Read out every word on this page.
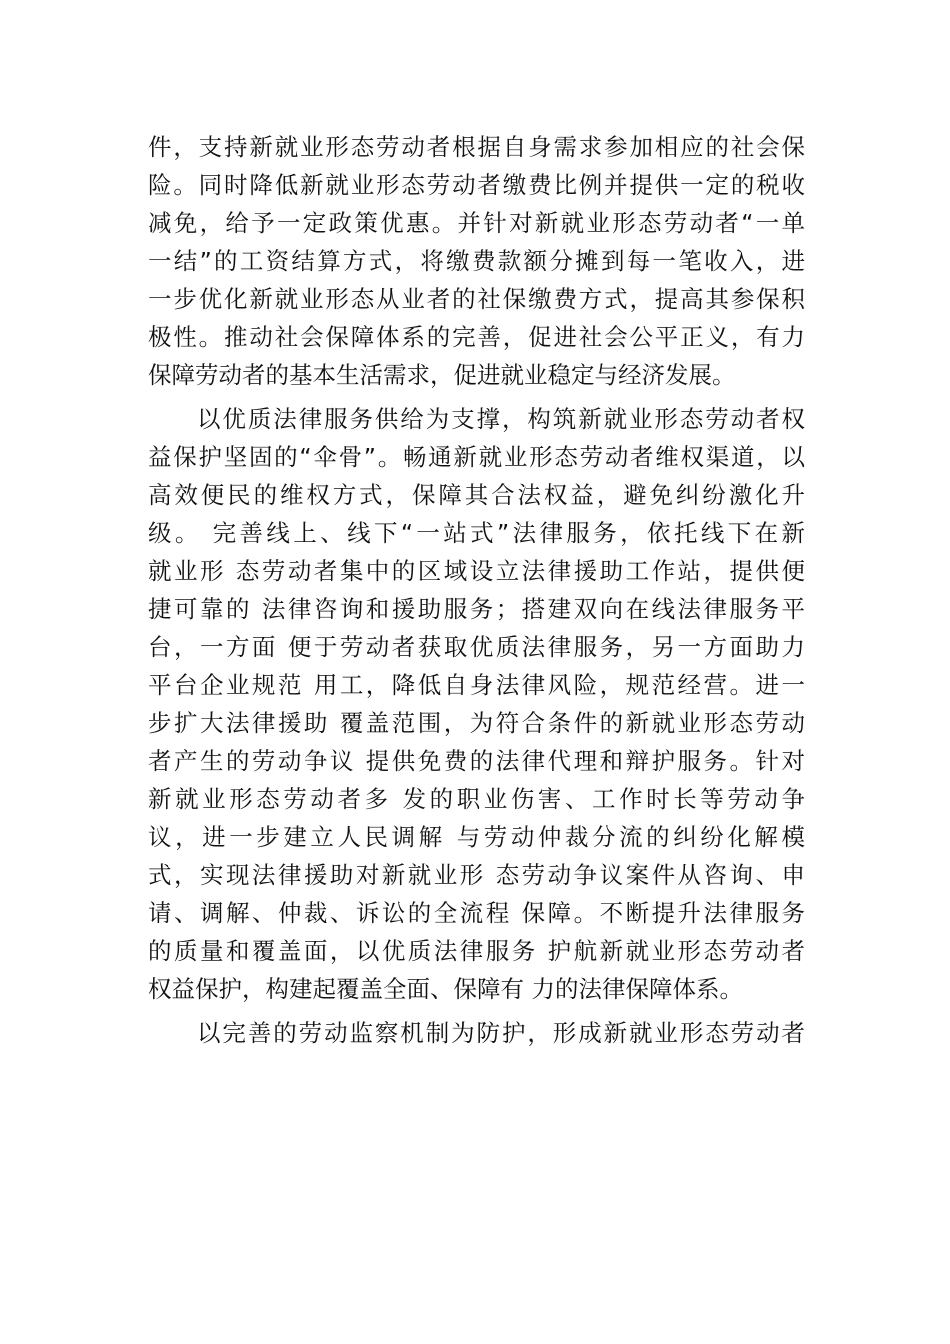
件，支持新就业形态劳动者根据自身需求参加相应的社会保
险。同时降低新就业形态劳动者缴费比例并提供一定的税收
减免，给予一定政策优惠。并针对新就业形态劳动者“一单
一结”的工资结算方式，将缴费款额分摊到每一笔收入，进
一步优化新就业形态从业者的社保缴费方式，提高其参保积
极性。推动社会保障体系的完善，促进社会公平正义，有力
保障劳动者的基本生活需求，促进就业稳定与经济发展。
以优质法律服务供给为支撑，构筑新就业形态劳动者权
益保护坚固的“伞骨”。畅通新就业形态劳动者维权渠道，以
高效便民的维权方式，保障其合法权益，避免纠纷激化升
级。 完善线上、线下“一站式”法律服务，依托线下在新
就业形 态劳动者集中的区域设立法律援助工作站，提供便
捷可靠的 法律咨询和援助服务；搭建双向在线法律服务平
台，一方面 便于劳动者获取优质法律服务，另一方面助力
平台企业规范 用工，降低自身法律风险，规范经营。进一
步扩大法律援助 覆盖范围，为符合条件的新就业形态劳动
者产生的劳动争议 提供免费的法律代理和辩护服务。针对
新就业形态劳动者多 发的职业伤害、工作时长等劳动争
议，进一步建立人民调解 与劳动仲裁分流的纠纷化解模
式，实现法律援助对新就业形 态劳动争议案件从咨询、申
请、调解、仲裁、诉讼的全流程 保障。不断提升法律服务
的质量和覆盖面，以优质法律服务 护航新就业形态劳动者
权益保护，构建起覆盖全面、保障有 力的法律保障体系。
以完善的劳动监察机制为防护，形成新就业形态劳动者
